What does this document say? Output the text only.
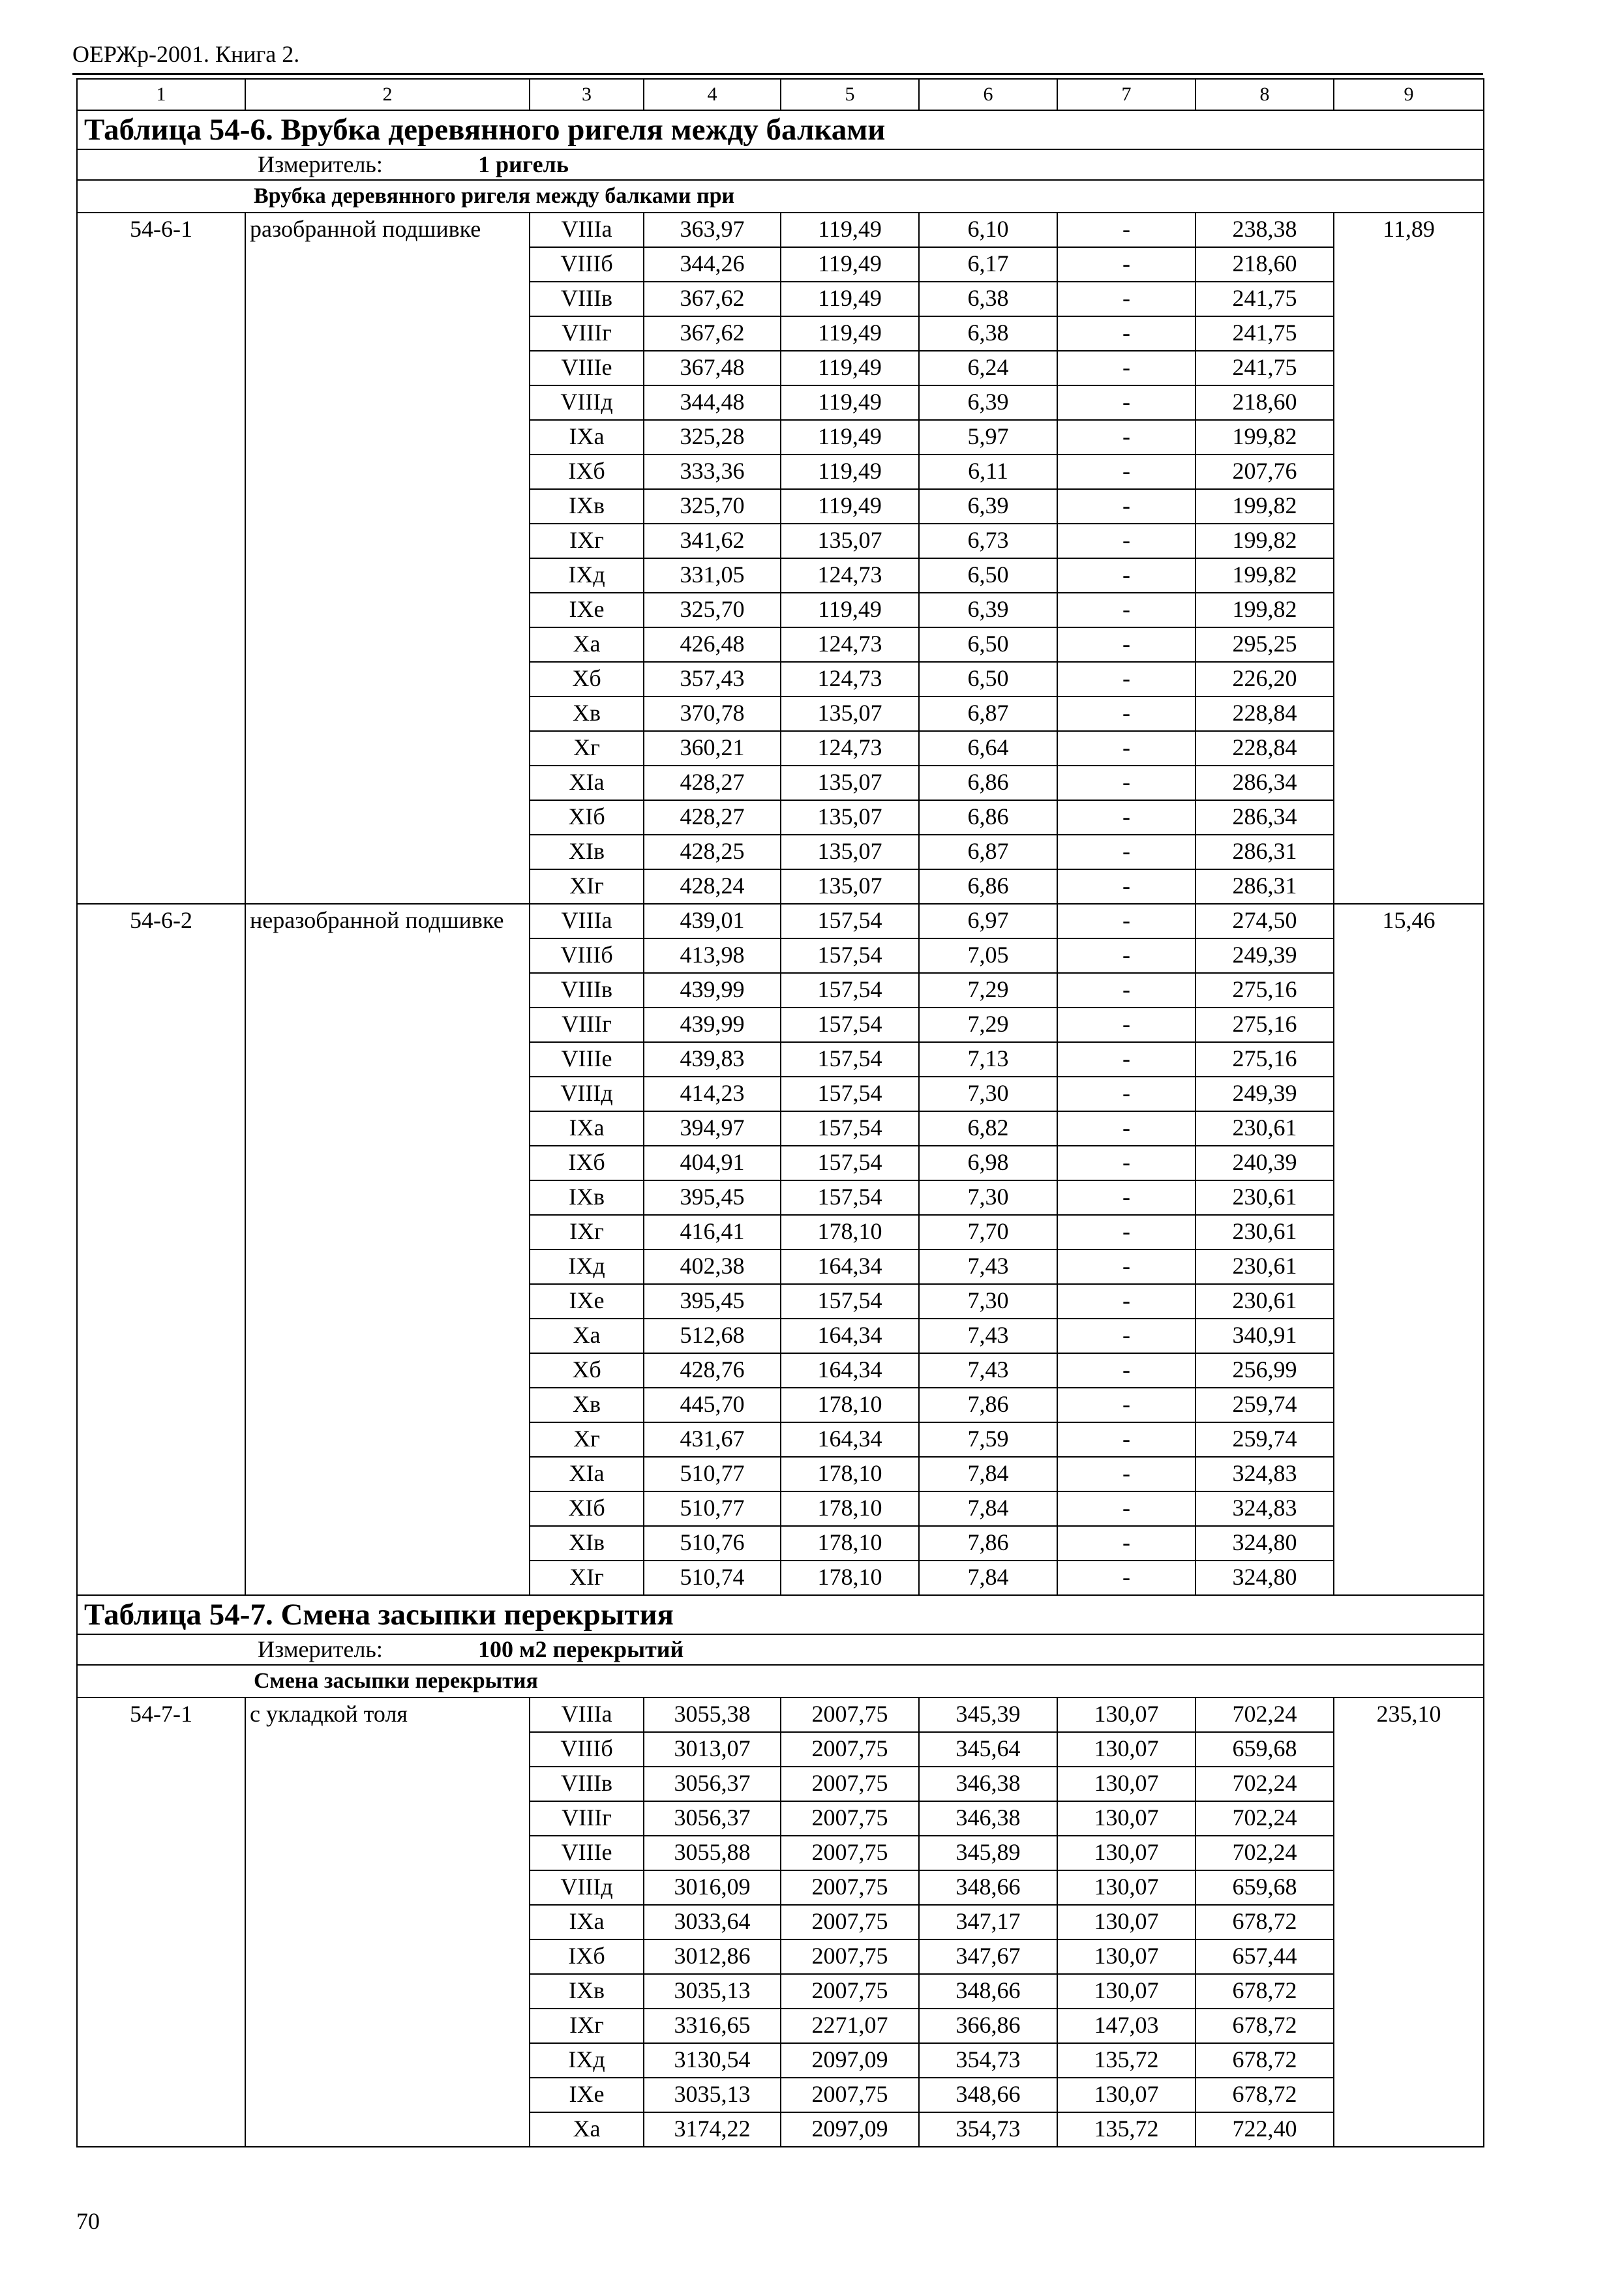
ОЕРЖр-2001. Книга 2.
1	2	3	4	5	6	7	8	9
Таблица 54-6. Врубка деревянного ригеля между балками								
Измеритель: 1 ригель								
Врубка деревянного ригеля между балками при								
54-6-1	разобранной подшивке	VIIIа	363,97	119,49	6,10	-	238,38	11,89
		VIIIб	344,26	119,49	6,17	-	218,60	
		VIIIв	367,62	119,49	6,38	-	241,75	
		VIIIг	367,62	119,49	6,38	-	241,75	
		VIIIе	367,48	119,49	6,24	-	241,75	
		VIIIд	344,48	119,49	6,39	-	218,60	
		IXа	325,28	119,49	5,97	-	199,82	
		IXб	333,36	119,49	6,11	-	207,76	
		IXв	325,70	119,49	6,39	-	199,82	
		IXг	341,62	135,07	6,73	-	199,82	
		IXд	331,05	124,73	6,50	-	199,82	
		IXе	325,70	119,49	6,39	-	199,82	
		Xа	426,48	124,73	6,50	-	295,25	
		Xб	357,43	124,73	6,50	-	226,20	
		Xв	370,78	135,07	6,87	-	228,84	
		Xг	360,21	124,73	6,64	-	228,84	
		XIа	428,27	135,07	6,86	-	286,34	
		XIб	428,27	135,07	6,86	-	286,34	
		XIв	428,25	135,07	6,87	-	286,31	
		XIг	428,24	135,07	6,86	-	286,31	
54-6-2	неразобранной подшивке	VIIIа	439,01	157,54	6,97	-	274,50	15,46
		VIIIб	413,98	157,54	7,05	-	249,39	
		VIIIв	439,99	157,54	7,29	-	275,16	
		VIIIг	439,99	157,54	7,29	-	275,16	
		VIIIе	439,83	157,54	7,13	-	275,16	
		VIIIд	414,23	157,54	7,30	-	249,39	
		IXа	394,97	157,54	6,82	-	230,61	
		IXб	404,91	157,54	6,98	-	240,39	
		IXв	395,45	157,54	7,30	-	230,61	
		IXг	416,41	178,10	7,70	-	230,61	
		IXд	402,38	164,34	7,43	-	230,61	
		IXе	395,45	157,54	7,30	-	230,61	
		Xа	512,68	164,34	7,43	-	340,91	
		Xб	428,76	164,34	7,43	-	256,99	
		Xв	445,70	178,10	7,86	-	259,74	
		Xг	431,67	164,34	7,59	-	259,74	
		XIа	510,77	178,10	7,84	-	324,83	
		XIб	510,77	178,10	7,84	-	324,83	
		XIв	510,76	178,10	7,86	-	324,80	
		XIг	510,74	178,10	7,84	-	324,80	
Таблица 54-7. Смена засыпки перекрытия								
Измеритель: 100 м2 перекрытий								
Смена засыпки перекрытия								
54-7-1	с укладкой толя	VIIIа	3055,38	2007,75	345,39	130,07	702,24	235,10
		VIIIб	3013,07	2007,75	345,64	130,07	659,68	
		VIIIв	3056,37	2007,75	346,38	130,07	702,24	
		VIIIг	3056,37	2007,75	346,38	130,07	702,24	
		VIIIе	3055,88	2007,75	345,89	130,07	702,24	
		VIIIд	3016,09	2007,75	348,66	130,07	659,68	
		IXа	3033,64	2007,75	347,17	130,07	678,72	
		IXб	3012,86	2007,75	347,67	130,07	657,44	
		IXв	3035,13	2007,75	348,66	130,07	678,72	
		IXг	3316,65	2271,07	366,86	147,03	678,72	
		IXд	3130,54	2097,09	354,73	135,72	678,72	
		IXе	3035,13	2007,75	348,66	130,07	678,72	
		Xа	3174,22	2097,09	354,73	135,72	722,40	
70
